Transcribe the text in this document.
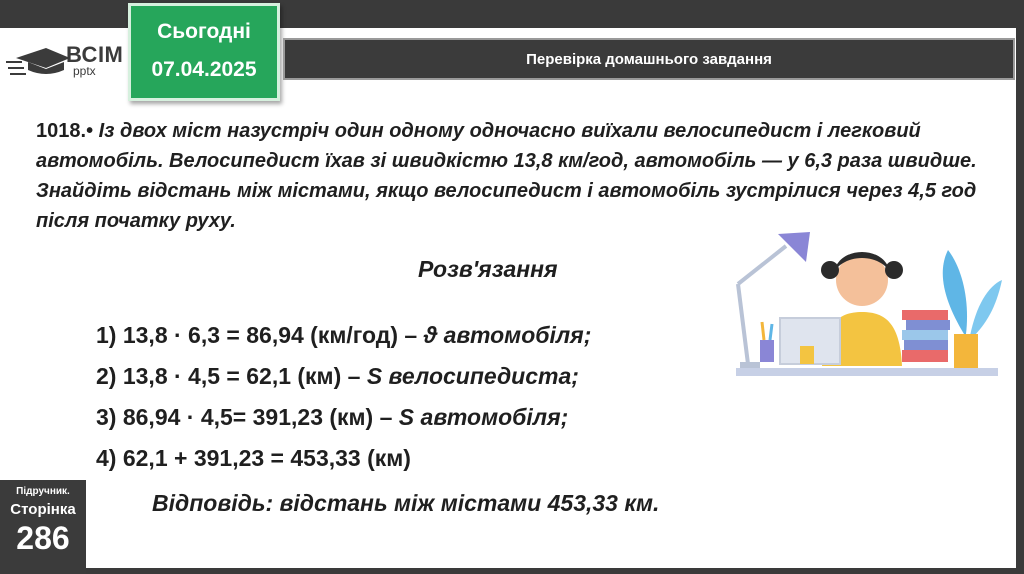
ВСІМ
pptx
Сьогодні
07.04.2025	Перевірка домашнього завдання
1018.• Із двох міст назустріч один одному одночасно виїхали велосипедист і легковий автомобіль. Велосипедист їхав зі швидкістю 13,8 км/год, автомобіль — у 6,3 раза швидше. Знайдіть відстань між містами, якщо велосипедист і автомобіль зустрілися через 4,5 год після початку руху.
Розв'язання
1) 13,8 · 6,3 = 86,94 (км/год) – ϑ автомобіля;
2) 13,8 · 4,5 = 62,1 (км) – S велосипедиста;
3) 86,94 · 4,5= 391,23 (км) – S автомобіля;
4) 62,1 + 391,23 = 453,33 (км)
Відповідь: відстань між містами 453,33 км.
Підручник.
Сторінка
286
